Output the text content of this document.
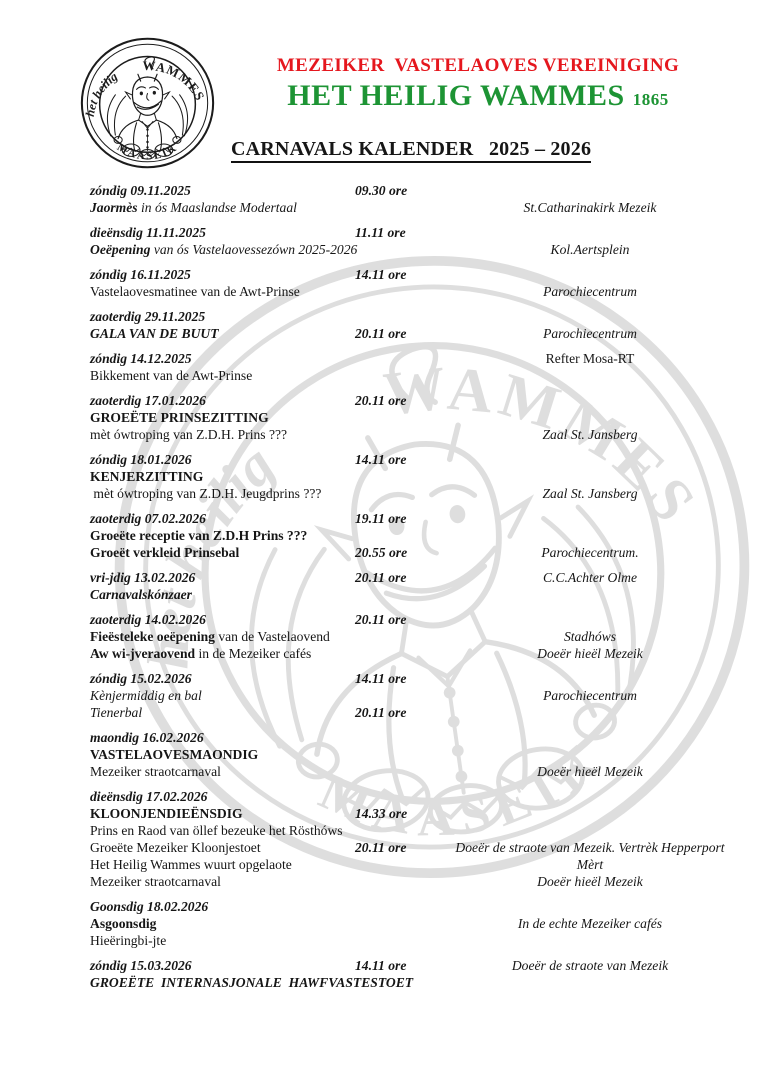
MEZEIKER  VASTELAOVES VEREINIGING
HET HEILIG WAMMES 1865
CARNAVALS KALENDER   2025 – 2026
zóndig 09.11.2025	09.30 ore
Jaormès in ós Maaslandse Modertaal	St.Catharinakirk Mezeik
dieënsdig 11.11.2025	11.11 ore
Oeëpening van ós Vastelaovessezówn 2025-2026	Kol.Aertsplein
zóndig 16.11.2025	14.11 ore
Vastelaovesmatinee van de Awt-Prinse	Parochiecentrum
zaoterdig 29.11.2025
GALA VAN DE BUUT	20.11 ore	Parochiecentrum
zóndig 14.12.2025	Refter Mosa-RT
Bikkement van de Awt-Prinse
zaoterdig 17.01.2026	20.11 ore
GROEËTE PRINSEZITTING
mèt ówtroping van Z.D.H. Prins ???	Zaal St. Jansberg
zóndig 18.01.2026	14.11 ore
KENJERZITTING
mèt ówtroping van Z.D.H. Jeugdprins ???	Zaal St. Jansberg
zaoterdig 07.02.2026	19.11 ore
Groeëte receptie van Z.D.H Prins ???
Groeët verkleid Prinsebal	20.55 ore	Parochiecentrum.
vri-jdig 13.02.2026	20.11 ore	C.C.Achter Olme
Carnavalskónzaer
zaoterdig 14.02.2026	20.11 ore
Fieësteleke oeëpening van de Vastelaovend	Stadhóws
Aw wi-jveraovend in de Mezeiker cafés	Doeër hieël Mezeik
zóndig 15.02.2026	14.11 ore
Kènjermiddig en bal	Parochiecentrum
Tienerbal	20.11 ore
maondig 16.02.2026
VASTELAOVESMAONDIG
Mezeiker straotcarnaval	Doeër hieël Mezeik
dieënsdig 17.02.2026
KLOONJENDIEËNSDIG	14.33 ore
Prins en Raod van öllef bezeuke het Rösthóws
Groeëte Mezeiker Kloonjestoet	20.11 ore	Doeër de straote van Mezeik. Vertrèk Hepperport
Het Heilig Wammes wuurt opgelaote	Mèrt
Mezeiker straotcarnaval	Doeër hieël Mezeik
Goonsdig 18.02.2026
Asgoonsdig	In de echte Mezeiker cafés
Hieëringbi-jte
zóndig 15.03.2026	14.11 ore	Doeër de straote van Mezeik
GROEËTE  INTERNASJONALE  HAWFVASTESTOET
